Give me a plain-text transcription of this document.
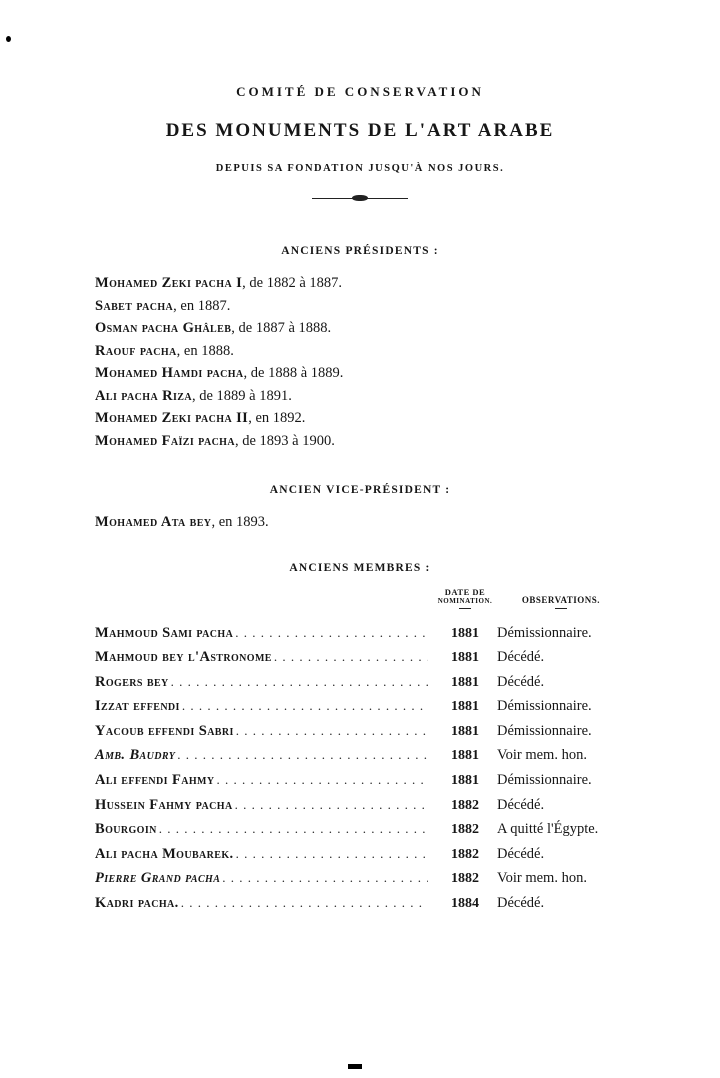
COMITÉ DE CONSERVATION
DES MONUMENTS DE L'ART ARABE
DEPUIS SA FONDATION JUSQU'À NOS JOURS.
ANCIENS PRÉSIDENTS :
Mohamed Zeki pacha I, de 1882 à 1887.
Sabet pacha, en 1887.
Osman pacha Ghâleb, de 1887 à 1888.
Raouf pacha, en 1888.
Mohamed Hamdi pacha, de 1888 à 1889.
Ali pacha Riza, de 1889 à 1891.
Mohamed Zeki pacha II, en 1892.
Mohamed Faïzi pacha, de 1893 à 1900.
ANCIEN VICE-PRÉSIDENT :
Mohamed Ata bey, en 1893.
ANCIENS MEMBRES :
DATE DE
NOMINATION.	OBSERVATIONS.
Mahmoud Sami pacha . . .	1881	Démissionnaire.
Mahmoud bey l'Astronome . . .	1881	Décédé.
Rogers bey . . .	1881	Décédé.
Izzat effendi . . .	1881	Démissionnaire.
Yacoub effendi Sabri . . .	1881	Démissionnaire.
Amb. Baudry . . .	1881	Voir mem. hon.
Ali effendi Fahmy . . .	1881	Démissionnaire.
Hussein Fahmy pacha . . .	1882	Décédé.
Bourgoin . . .	1882	A quitté l'Égypte.
Ali pacha Moubarek. . . .	1882	Décédé.
Pierre Grand pacha . . .	1882	Voir mem. hon.
Kadri pacha. . . .	1884	Décédé.
